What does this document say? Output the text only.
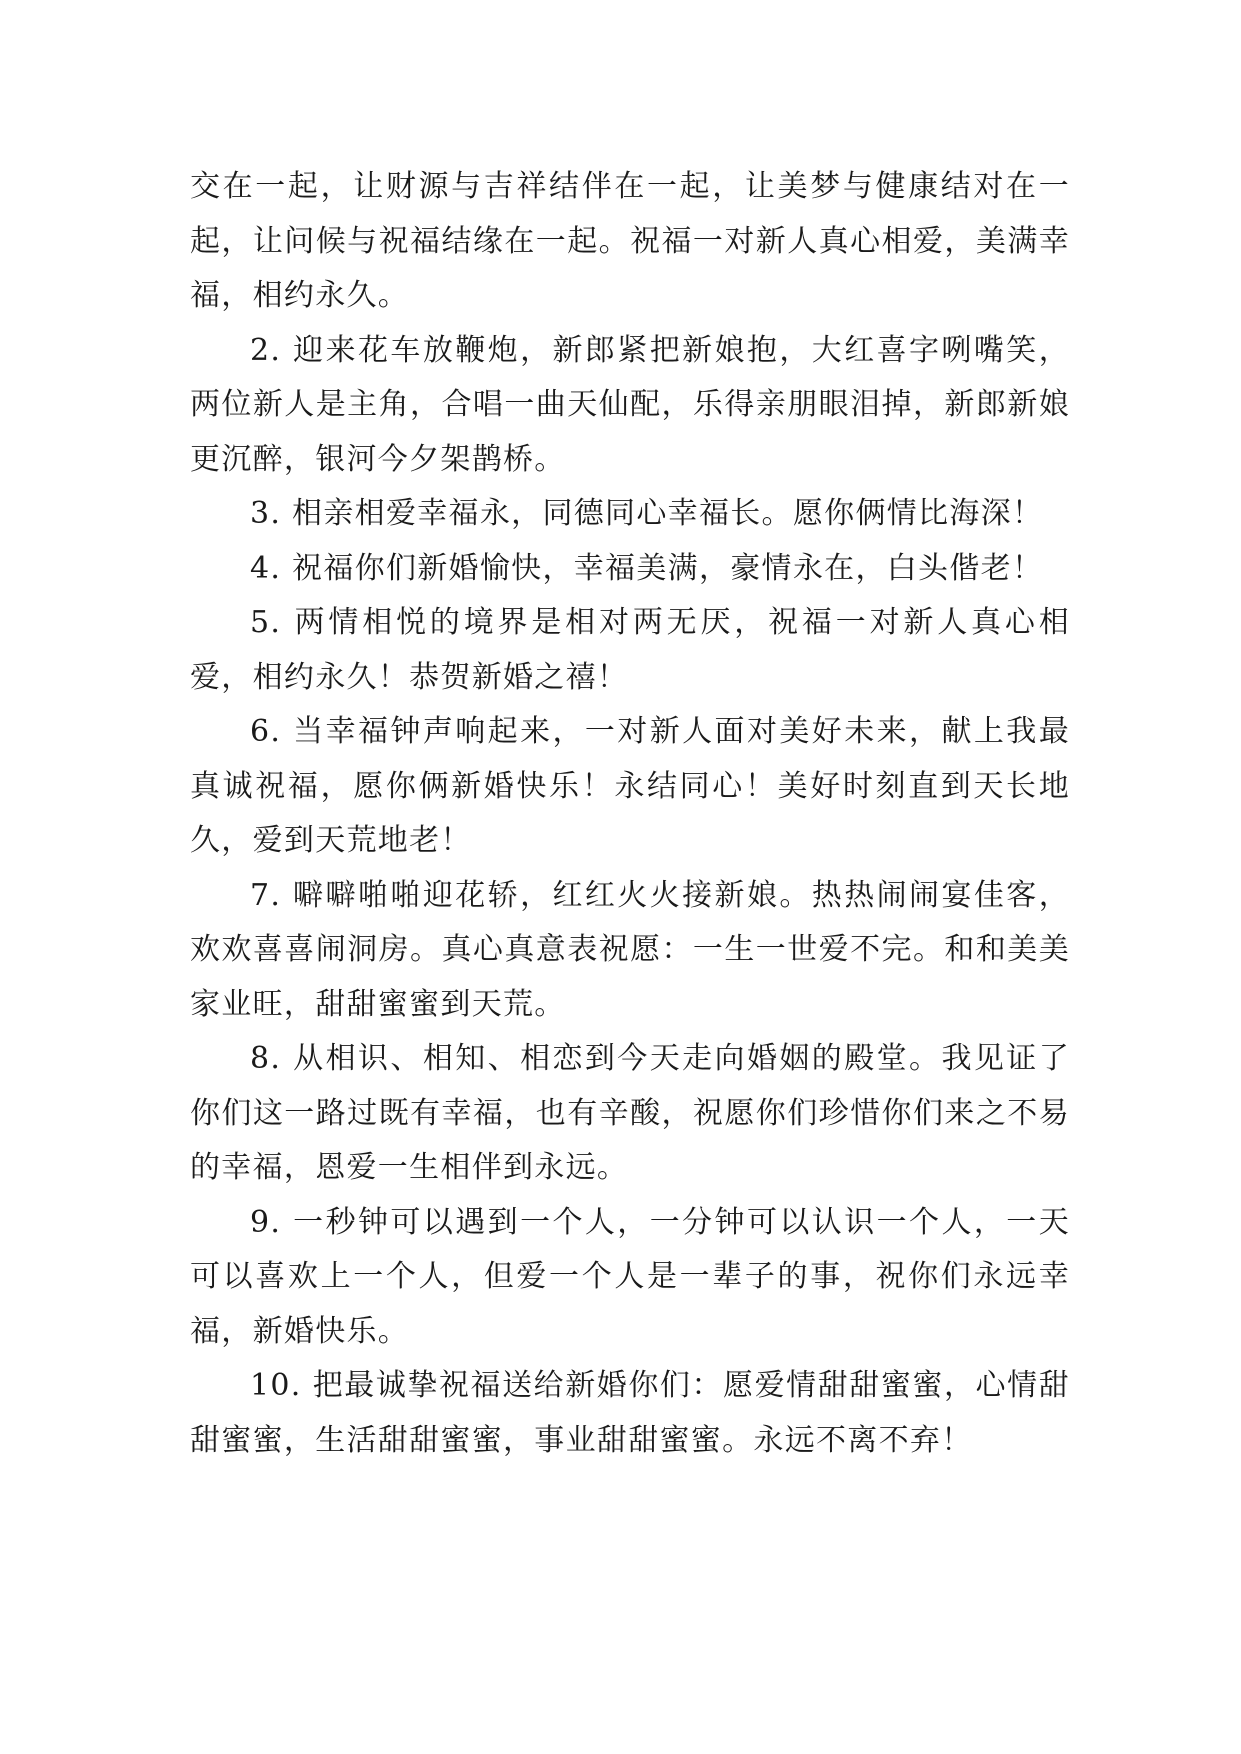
交在一起，让财源与吉祥结伴在一起，让美梦与健康结对在一起，让问候与祝福结缘在一起。祝福一对新人真心相爱，美满幸福，相约永久。

2. 迎来花车放鞭炮，新郎紧把新娘抱，大红喜字咧嘴笑，两位新人是主角，合唱一曲天仙配，乐得亲朋眼泪掉，新郎新娘更沉醉，银河今夕架鹊桥。

3. 相亲相爱幸福永，同德同心幸福长。愿你俩情比海深！

4. 祝福你们新婚愉快，幸福美满，豪情永在，白头偕老！

5. 两情相悦的境界是相对两无厌，祝福一对新人真心相爱，相约永久！恭贺新婚之禧！

6. 当幸福钟声响起来，一对新人面对美好未来，献上我最真诚祝福，愿你俩新婚快乐！永结同心！美好时刻直到天长地久，爱到天荒地老！

7. 噼噼啪啪迎花轿，红红火火接新娘。热热闹闹宴佳客，欢欢喜喜闹洞房。真心真意表祝愿：一生一世爱不完。和和美美家业旺，甜甜蜜蜜到天荒。

8. 从相识、相知、相恋到今天走向婚姻的殿堂。我见证了你们这一路过既有幸福，也有辛酸，祝愿你们珍惜你们来之不易的幸福，恩爱一生相伴到永远。

9. 一秒钟可以遇到一个人，一分钟可以认识一个人，一天可以喜欢上一个人，但爱一个人是一辈子的事，祝你们永远幸福，新婚快乐。

10. 把最诚挚祝福送给新婚你们：愿爱情甜甜蜜蜜，心情甜甜蜜蜜，生活甜甜蜜蜜，事业甜甜蜜蜜。永远不离不弃！
